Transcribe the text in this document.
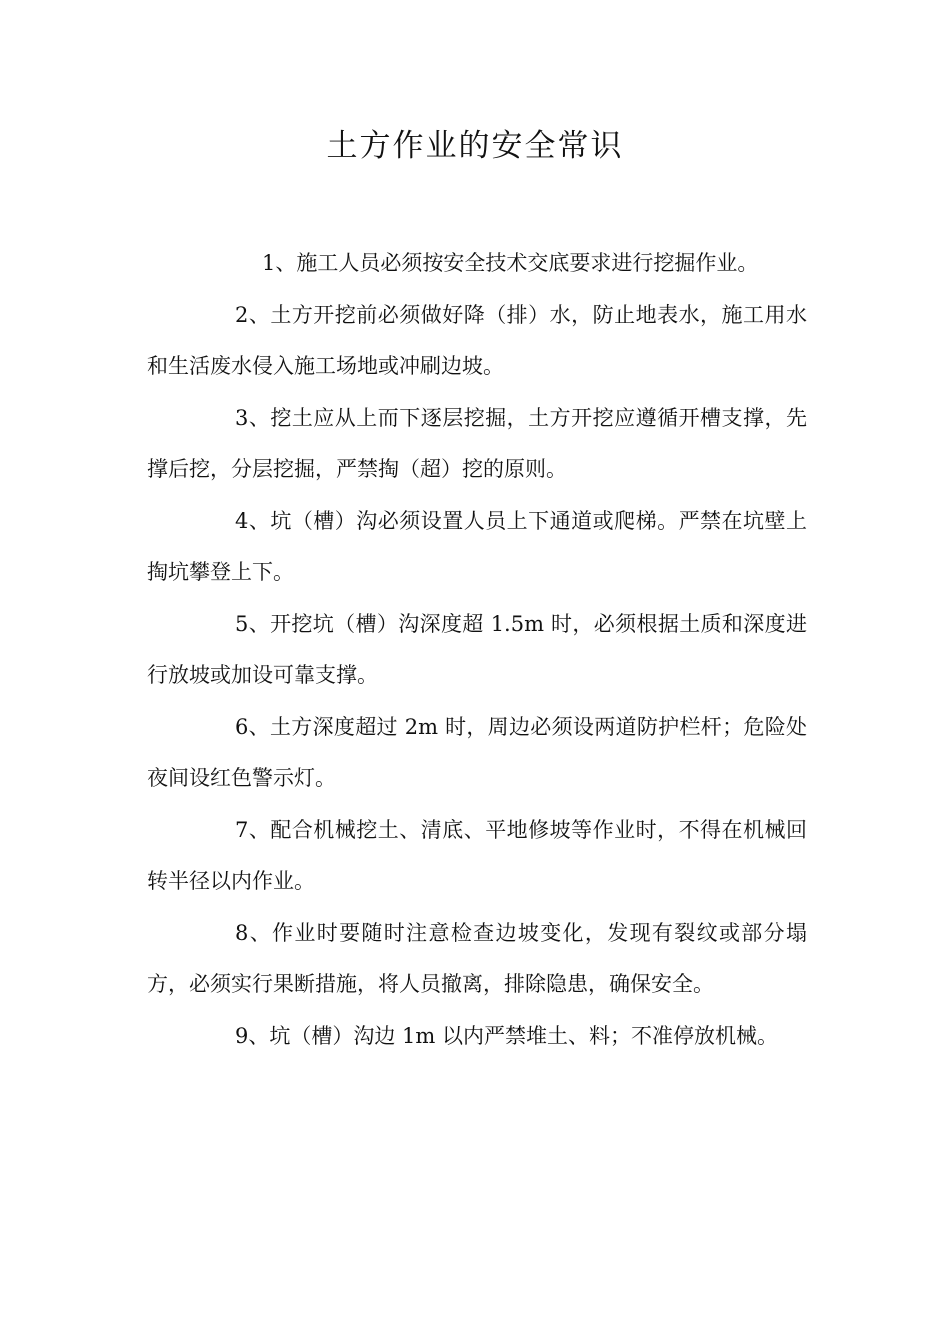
土方作业的安全常识

1、施工人员必须按安全技术交底要求进行挖掘作业。

2、土方开挖前必须做好降（排）水，防止地表水，施工用水和生活废水侵入施工场地或冲刷边坡。

3、挖土应从上而下逐层挖掘，土方开挖应遵循开槽支撑，先撑后挖，分层挖掘，严禁掏（超）挖的原则。

4、坑（槽）沟必须设置人员上下通道或爬梯。严禁在坑壁上掏坑攀登上下。

5、开挖坑（槽）沟深度超 1.5m 时，必须根据土质和深度进行放坡或加设可靠支撑。

6、土方深度超过 2m 时，周边必须设两道防护栏杆；危险处夜间设红色警示灯。

7、配合机械挖土、清底、平地修坡等作业时，不得在机械回转半径以内作业。

8、作业时要随时注意检查边坡变化，发现有裂纹或部分塌方，必须实行果断措施，将人员撤离，排除隐患，确保安全。

9、坑（槽）沟边 1m 以内严禁堆土、料；不准停放机械。
